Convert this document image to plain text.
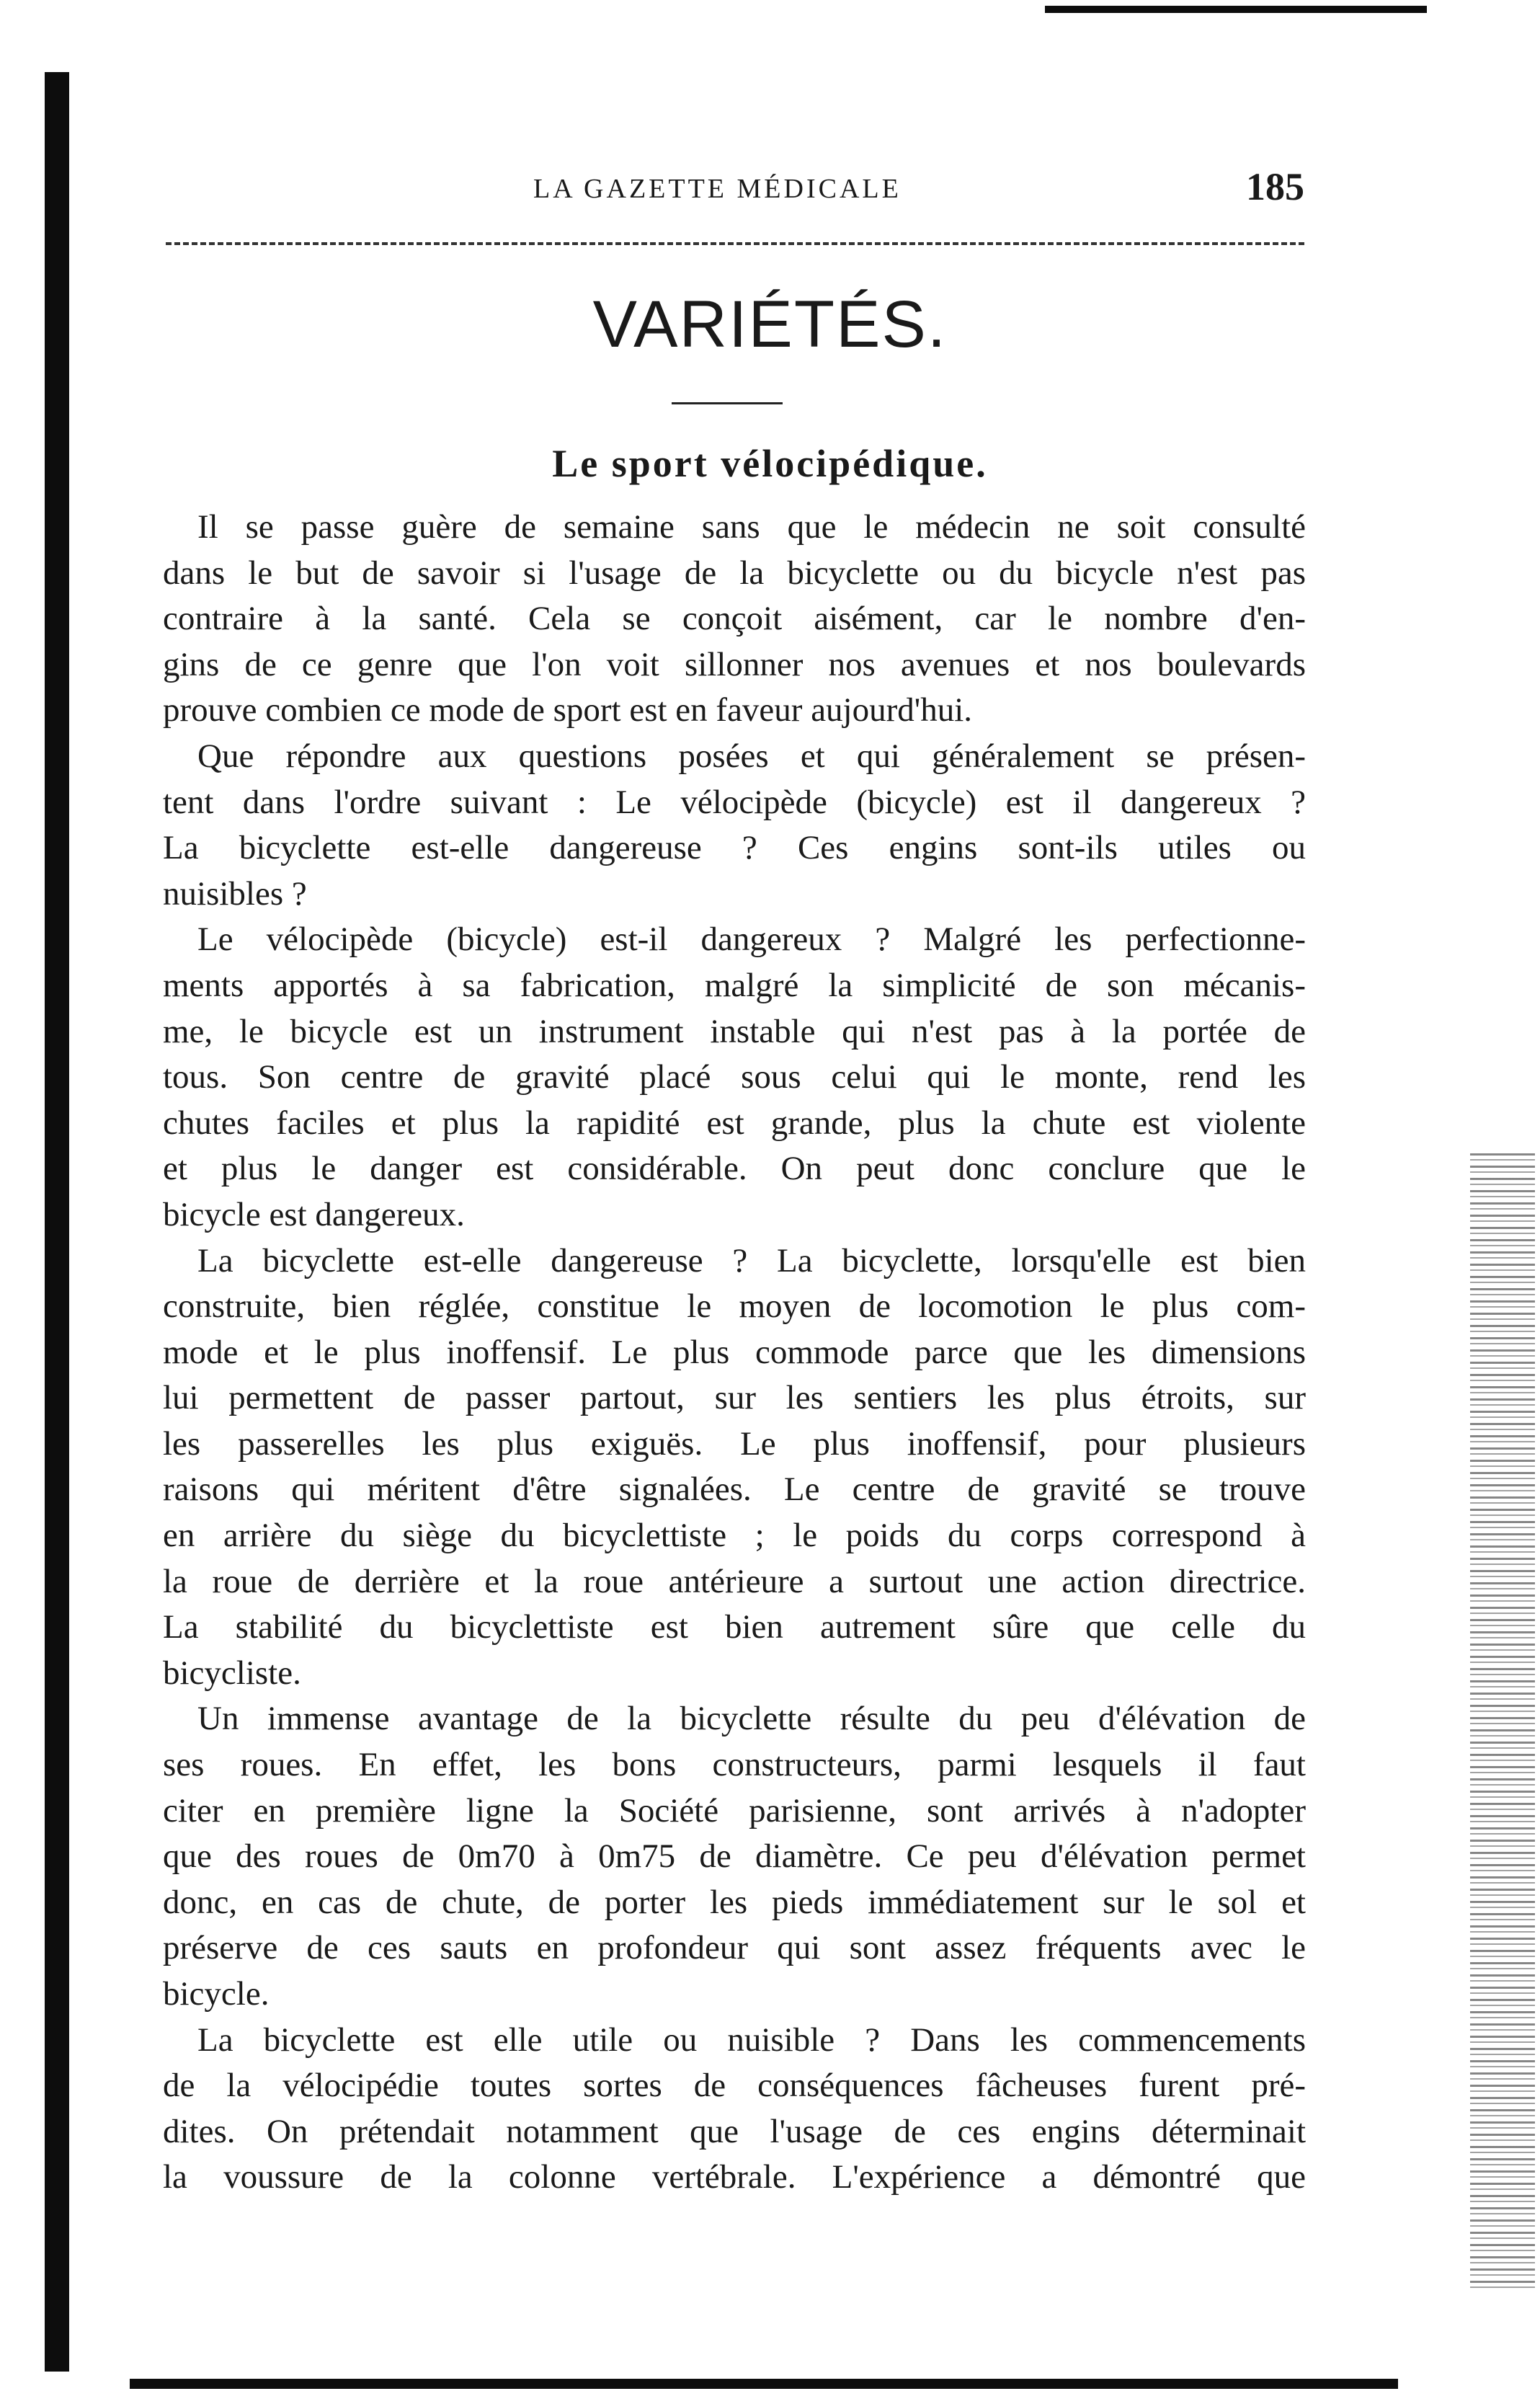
LA GAZETTE MÉDICALE	185
VARIÉTÉS.
Le sport vélocipédique.
Il se passe guère de semaine sans que le médecin ne soit consulté
dans le but de savoir si l'usage de la bicyclette ou du bicycle n'est pas
contraire à la santé. Cela se conçoit aisément, car le nombre d'en-
gins de ce genre que l'on voit sillonner nos avenues et nos boulevards
prouve combien ce mode de sport est en faveur aujourd'hui.
Que répondre aux questions posées et qui généralement se présen-
tent dans l'ordre suivant : Le vélocipède (bicycle) est il dangereux ?
La bicyclette est-elle dangereuse ? Ces engins sont-ils utiles ou
nuisibles ?
Le vélocipède (bicycle) est-il dangereux ? Malgré les perfectionne-
ments apportés à sa fabrication, malgré la simplicité de son mécanis-
me, le bicycle est un instrument instable qui n'est pas à la portée de
tous. Son centre de gravité placé sous celui qui le monte, rend les
chutes faciles et plus la rapidité est grande, plus la chute est violente
et plus le danger est considérable. On peut donc conclure que le
bicycle est dangereux.
La bicyclette est-elle dangereuse ? La bicyclette, lorsqu'elle est bien
construite, bien réglée, constitue le moyen de locomotion le plus com-
mode et le plus inoffensif. Le plus commode parce que les dimensions
lui permettent de passer partout, sur les sentiers les plus étroits, sur
les passerelles les plus exiguës. Le plus inoffensif, pour plusieurs
raisons qui méritent d'être signalées. Le centre de gravité se trouve
en arrière du siège du bicyclettiste ; le poids du corps correspond à
la roue de derrière et la roue antérieure a surtout une action directrice.
La stabilité du bicyclettiste est bien autrement sûre que celle du
bicycliste.
Un immense avantage de la bicyclette résulte du peu d'élévation de
ses roues. En effet, les bons constructeurs, parmi lesquels il faut
citer en première ligne la Société parisienne, sont arrivés à n'adopter
que des roues de 0m70 à 0m75 de diamètre. Ce peu d'élévation permet
donc, en cas de chute, de porter les pieds immédiatement sur le sol et
préserve de ces sauts en profondeur qui sont assez fréquents avec le
bicycle.
La bicyclette est elle utile ou nuisible ? Dans les commencements
de la vélocipédie toutes sortes de conséquences fâcheuses furent pré-
dites. On prétendait notamment que l'usage de ces engins déterminait
la voussure de la colonne vertébrale. L'expérience a démontré que
